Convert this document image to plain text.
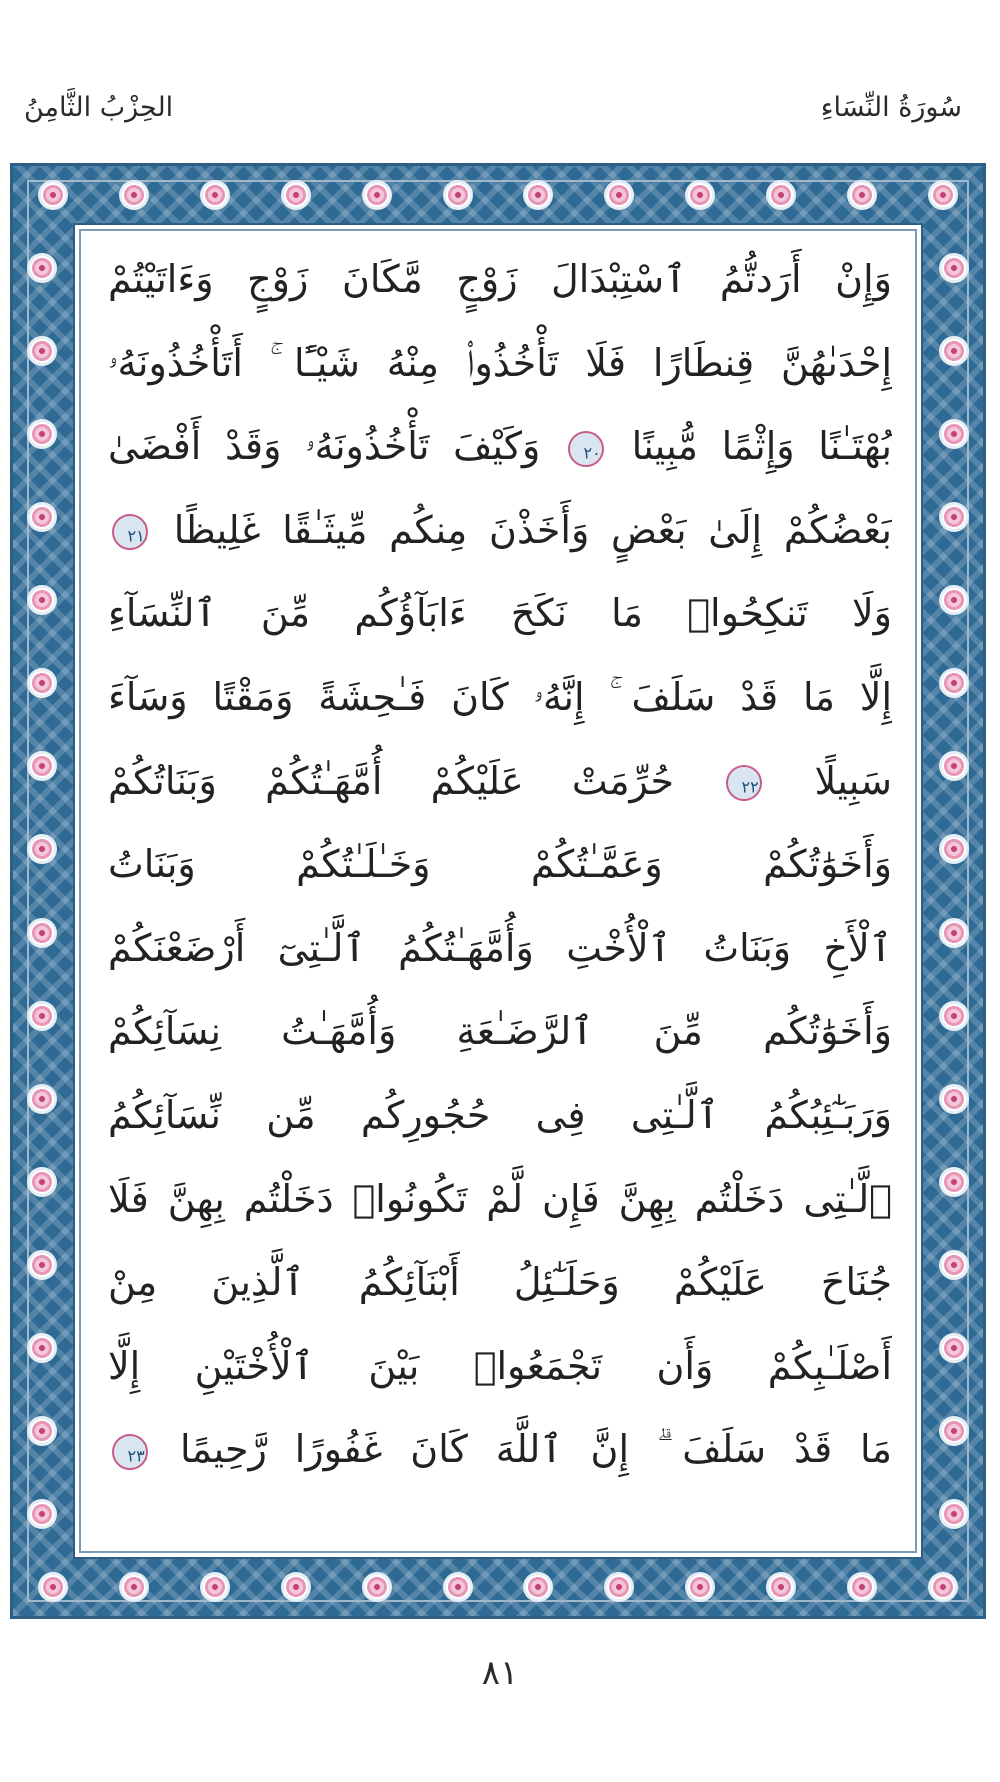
سُورَةُ النِّسَاءِ
الحِزْبُ الثَّامِنُ
وَإِنْ أَرَدتُّمُ ٱسْتِبْدَالَ زَوْجٍ مَّكَانَ زَوْجٍ وَءَاتَيْتُمْ
إِحْدَىٰهُنَّ قِنطَارًا فَلَا تَأْخُذُوا۟ مِنْهُ شَيْـًٔا ۚ أَتَأْخُذُونَهُۥ
بُهْتَـٰنًا وَإِثْمًا مُّبِينًا ٢٠ وَكَيْفَ تَأْخُذُونَهُۥ وَقَدْ أَفْضَىٰ
بَعْضُكُمْ إِلَىٰ بَعْضٍ وَأَخَذْنَ مِنكُم مِّيثَـٰقًا غَلِيظًا ٢١
وَلَا تَنكِحُوا۟ مَا نَكَحَ ءَابَآؤُكُم مِّنَ ٱلنِّسَآءِ
إِلَّا مَا قَدْ سَلَفَ ۚ إِنَّهُۥ كَانَ فَـٰحِشَةً وَمَقْتًا وَسَآءَ
سَبِيلًا ٢٢ حُرِّمَتْ عَلَيْكُمْ أُمَّهَـٰتُكُمْ وَبَنَاتُكُمْ
وَأَخَوَٰتُكُمْ وَعَمَّـٰتُكُمْ وَخَـٰلَـٰتُكُمْ وَبَنَاتُ
ٱلْأَخِ وَبَنَاتُ ٱلْأُخْتِ وَأُمَّهَـٰتُكُمُ ٱلَّـٰتِىٓ أَرْضَعْنَكُمْ
وَأَخَوَٰتُكُم مِّنَ ٱلرَّضَـٰعَةِ وَأُمَّهَـٰتُ نِسَآئِكُمْ
وَرَبَـٰٓئِبُكُمُ ٱلَّـٰتِى فِى حُجُورِكُم مِّن نِّسَآئِكُمُ
ٱلَّـٰتِى دَخَلْتُم بِهِنَّ فَإِن لَّمْ تَكُونُوا۟ دَخَلْتُم بِهِنَّ فَلَا
جُنَاحَ عَلَيْكُمْ وَحَلَـٰٓئِلُ أَبْنَآئِكُمُ ٱلَّذِينَ مِنْ
أَصْلَـٰبِكُمْ وَأَن تَجْمَعُوا۟ بَيْنَ ٱلْأُخْتَيْنِ إِلَّا
مَا قَدْ سَلَفَ ۗ إِنَّ ٱللَّهَ كَانَ غَفُورًا رَّحِيمًا ٢٣
٨١
